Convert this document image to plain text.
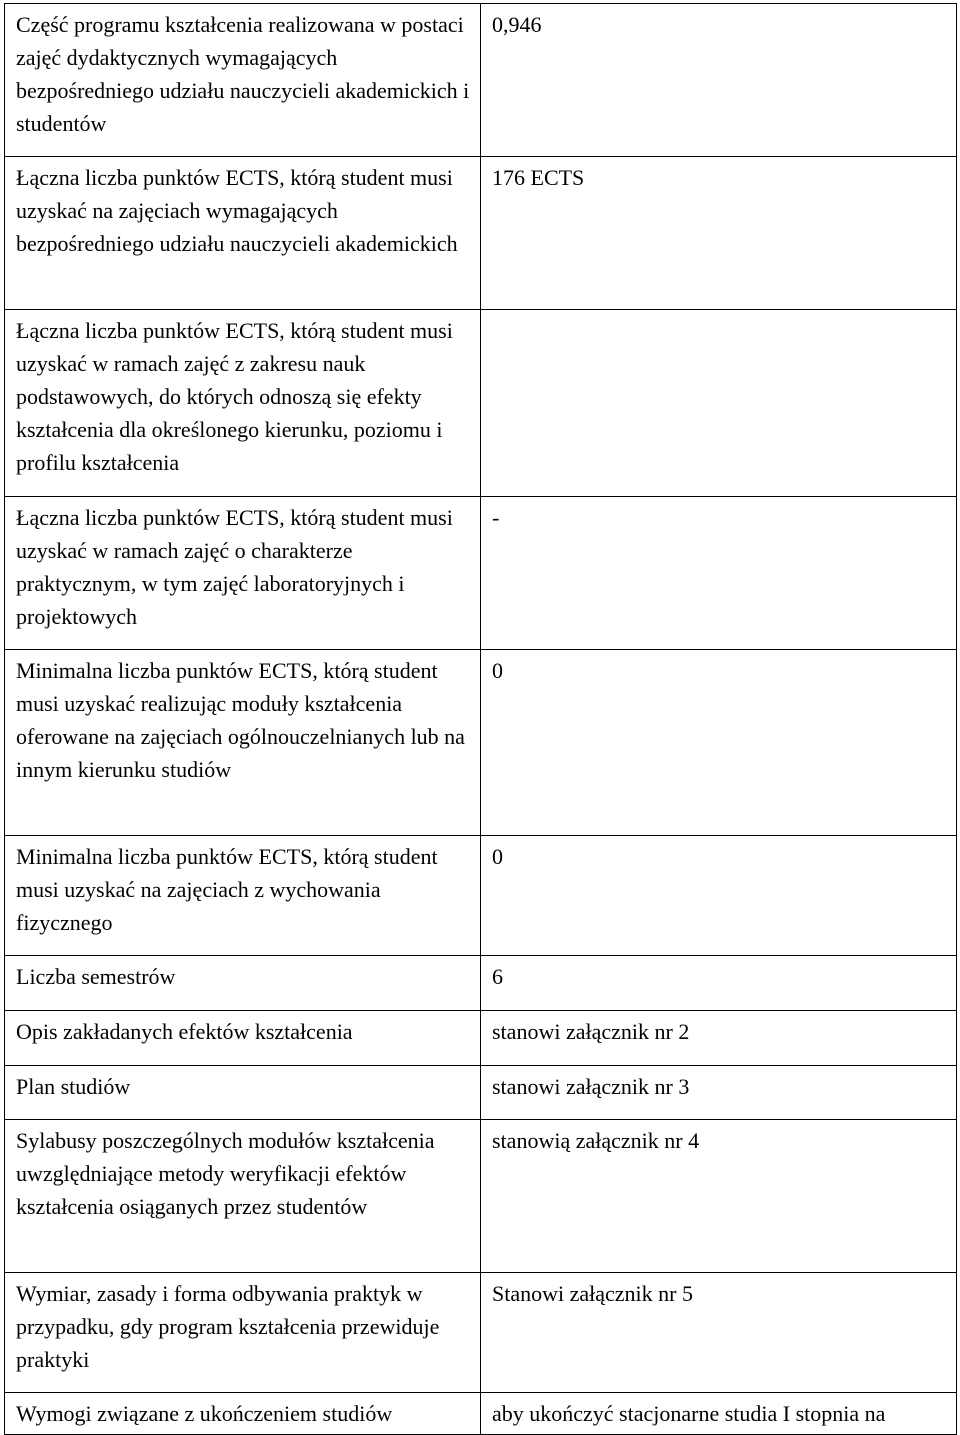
Część programu kształcenia realizowana w postaci zajęć dydaktycznych wymagających bezpośredniego udziału nauczycieli akademickich i studentów	0,946

Łączna liczba punktów ECTS, którą student musi uzyskać na zajęciach wymagających bezpośredniego udziału nauczycieli akademickich	176 ECTS

Łączna liczba punktów ECTS, którą student musi uzyskać w ramach zajęć z zakresu nauk podstawowych, do których odnoszą się efekty kształcenia dla określonego kierunku, poziomu i profilu kształcenia	

Łączna liczba punktów ECTS, którą student musi uzyskać w ramach zajęć o charakterze praktycznym, w tym zajęć laboratoryjnych i projektowych	-

Minimalna liczba punktów ECTS, którą student musi uzyskać realizując moduły kształcenia oferowane na zajęciach ogólnouczelnianych lub na innym kierunku studiów	0

Minimalna liczba punktów ECTS, którą student musi uzyskać na zajęciach z wychowania fizycznego	0

Liczba semestrów	6

Opis zakładanych efektów kształcenia	stanowi załącznik nr 2

Plan studiów	stanowi załącznik nr 3

Sylabusy poszczególnych modułów kształcenia uwzględniające metody weryfikacji efektów kształcenia osiąganych przez studentów	stanowią załącznik nr 4

Wymiar, zasady i forma odbywania praktyk w przypadku, gdy program kształcenia przewiduje praktyki	Stanowi załącznik nr 5

Wymogi związane z ukończeniem studiów	aby ukończyć stacjonarne studia I stopnia na
